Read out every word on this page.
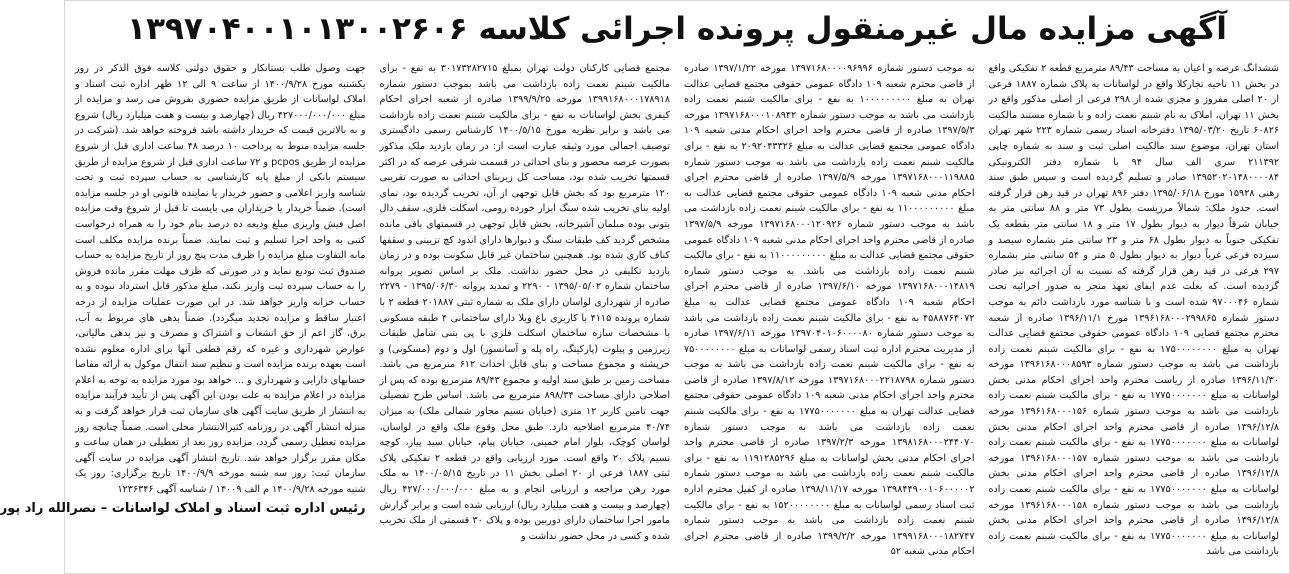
آگهی مزایده مال غیرمنقول پرونده اجرائی کلاسه ۱۳۹۷۰۴۰۰۱۰۱۳۰۰۲۶۰۶

ششدانگ عرصه و اعیان به مساحت ۸۹/۴۳ مترمربع قطعه ۲ تفکیکی واقع در بخش ۱۱ ناحیه تجارکلا واقع در لواسانات به پلاک شماره ۱۸۸۷ فرعی از ۲۰ اصلی مفروز و مجزی شده از ۲۹۸ فرعی از اصلی مذکور واقع در بخش ۱۱ تهران، املاک به نام شبنم نعمت زاده و با شماره مستند مالکیت ۶۰۸۲۶ تاریخ ۱۳۹۵/۰۳/۲۰ دفترخانه اسناد رسمی شماره ۲۲۳ شهر تهران استان تهران، موضوع سند مالکیت اصلی ثبت و سند به شماره چاپی ۲۱۱۳۹۲ سری الف سال ۹۴ با شماره دفتر الکترونیکی ۱۳۹۵۲۰۲۰۱۴۸۰۰۰۰۸۴ صادر و تسلیم گردیده است و سپس طبق سند رهنی ۱۵۹۲۸ مورخ ۱۳۹۵/۰۶/۱۸ دفتر ۸۹۶ تهران در قید رهن قرار گرفته است. حدود ملک: شمالاً مرزیست بطول ۷۳ متر و ۸۸ سانتی متر به خیابان شرقاً دیوار به دیوار بطول ۱۷ متر و ۱۸ سانتی متر بقطعه یک تفکیکی جنوباً به دیوار بطول ۶۸ متر و ۲۳ سانتی متر بشماره سیصد و سیزده فرعی غرباً دیوار به دیوار بطول ۵ متر و ۵۴ سانتی متر بشماره ۲۹۷ فرعی در قید رهن قرار گرفته که نسبت به آن اجرائیه نیز صادر گردیده است. که بعلت عدم ایفای تعهد منجر به صدور اجرائیه تحت شماره ۹۷۰۰۰۴۶ شده است و با شناسه مورد بازداشت دائم به موجب دستور شماره ۱۳۹۶۱۶۸۰۰۰۲۹۹۸۶۵ مورخ ۱۳۹۶/۱۱/۱ صادره از شعبه محترم مجتمع قضایی ۱۰۹ دادگاه عمومی حقوقی مجتمع قضایی عدالت تهران به مبلغ ۱۷۵۰۰۰۰۰۰۰۰ به نفع - برای مالکیت شبنم نعمت زاده بازداشت می باشد به موجب دستور شماره ۱۳۹۶۱۶۸۰۰۰۸۵۹۳ مورخه ۱۳۹۶/۱۱/۳۰ صادره از ریاست محترم واحد اجرای احکام مدنی بخش لواسانات به مبلغ ۱۷۷۵۰۰۰۰۰۰۰ به نفع - برای مالکیت شبنم نعمت زاده بازداشت می باشد به موجب دستور شماره ۱۳۹۶۱۶۸۰۰۰۱۵۶ مورخه ۱۳۹۶/۱۲/۸ صادره از قاضی محترم واحد اجرای احکام مدنی بخش لواسانات به مبلغ ۱۷۷۵۰۰۰۰۰۰۰ به نفع - برای مالکیت شبنم نعمت زاده بازداشت می باشد به موجب دستور شماره ۱۳۹۶۱۶۸۰۰۰۱۵۷ مورخه ۱۳۹۶/۱۲/۸ صادره از قاضی محترم واحد اجرای احکام مدنی بخش لواسانات به مبلغ ۱۷۷۵۰۰۰۰۰۰۰ به نفع - برای مالکیت شبنم نعمت زاده بازداشت می باشد به موجب دستور شماره ۱۳۹۶۱۶۸۰۰۰۱۵۸ مورخه ۱۳۹۶/۱۲/۸ صادره از قاضی محترم واحد اجرای احکام مدنی بخش لواسانات به مبلغ ۱۷۷۵۰۰۰۰۰۰۰ به نفع - برای مالکیت شبنم نعمت زاده بازداشت می باشد

به موجب دستور شماره ۱۳۹۷۱۶۸۰۰۰۰۹۶۹۹۶ مورخه ۱۳۹۷/۱/۲۲ صادره از قاضی محترم شعبه ۱۰۹ دادگاه عمومی حقوقی مجتمع قضایی عدالت تهران به مبلغ ۱۰۰۰۰۰۰۰۰۰ به نفع - برای مالکیت شبنم نعمت زاده بازداشت می باشد به موجب دستور شماره ۱۳۹۷۱۶۸۰۰۰۱۰۸۹۴۲ مورخه ۱۳۹۷/۵/۳ صادره از قاضی محترم واحد اجرای احکام مدنی شعبه ۱۰۹ دادگاه عمومی مجتمع قضایی عدالت به مبلغ ۲۰۹۲۰۴۳۳۲۶ به نفع - برای مالکیت شبنم نعمت زاده بازداشت می باشد به موجب دستور شماره ۱۳۹۷۱۶۸۰۰۰۱۱۹۸۸۵ مورخه ۱۳۹۷/۵/۹ صادره از قاضی محترم اجرای احکام مدنی شعبه ۱۰۹ دادگاه عمومی حقوقی مجتمع قضایی عدالت به مبلغ ۱۱۰۰۰۰۰۰۰۰۰ به نفع - برای مالکیت شبنم نعمت زاده بازداشت می باشد به موجب دستور شماره ۱۳۹۷۱۶۸۰۰۰۱۲۰۹۲۶ مورخه ۱۳۹۷/۵/۹ صادره از قاضی محترم واحد اجرای احکام مدنی شعبه ۱۰۹ دادگاه عمومی حقوقی مجتمع قضایی عدالت به مبلغ ۱۱۰۰۰۰۰۰۰۰۰ به نفع - برای مالکیت شبنم نعمت زاده بازداشت می باشد. به موجب دستور شماره ۱۳۹۷۱۶۸۰۰۰۱۴۸۱۹ مورخه ۱۳۹۷/۶/۱۰ صادره از قاضی محترم اجرای احکام شعبه ۱۰۹ دادگاه عمومی مجتمع قضایی عدالت به مبلغ ۴۵۸۸۷۶۴۰۷۲ به نفع - برای مالکیت شبنم نعمت زاده بازداشت می باشد به موجب دستور شماره ۱۳۹۷۰۴۰۱۰۶۰۰۰۰۸۰ مورخه ۱۳۹۷/۶/۱۱ صادره از مدیریت محترم اداره ثبت اسناد رسمی لواسانات به مبلغ ۷۵۰۰۰۰۰۰۰۰ به نفع - برای مالکیت شبنم نعمت زاده بازداشت می باشد به موجب دستور شماره ۱۳۹۷۱۶۸۰۰۰۲۲۱۸۷۹۸ مورخه ۱۳۹۷/۸/۱۲ صادره از قاضی محترم واحد اجرای احکام مدنی شعبه ۱۰۹ دادگاه عمومی حقوقی مجتمع قضایی عدالت تهران به مبلغ ۱۷۷۵۰۰۰۰۰۰۰ به نفع - برای مالکیت شبنم نعمت زاده بازداشت می باشد به موجب دستور شماره ۱۳۹۸۱۶۸۰۰۰۲۴۴۰۷۰ مورخه ۱۳۹۷/۲/۳ صادره از قاضی محترم واحد اجرای احکام مدنی بخش لواسانات به مبلغ ۱۱۹۱۲۸۵۲۹۶ به نفع - برای مالکیت شبنم نعمت زاده بازداشت می باشد به موجب دستور شماره ۱۳۹۸۴۴۹۰۰۱۰۶۰۰۰۰۰۲ مورخه ۱۳۹۸/۱۱/۱۷ صادره از کفیل محترم اداره ثبت اسناد رسمی لواسانات به مبلغ ۱۵۲۰۰۰۰۰۰۰۰ به نفع - برای مالکیت شبنم نعمت زاده بازداشت می باشد به موجب دستور شماره ۱۳۹۹۱۶۸۰۰۰۱۸۲۷۴۷ مورخه ۱۳۹۹/۲/۲ صادره از قاضی محترم اجرای احکام مدنی شعبه ۵۲

مجتمع قضایی کارکنان دولت تهران بمبلغ ۳۰۱۷۳۲۸۲۷۱۵ به نفع - برای مالکیت شبنم نعمت زاده بازداشت می باشد بموجب دستور شماره ۱۳۹۹۱۶۸۰۰۰۱۷۸۹۱۸ مورخه ۱۳۹۹/۹/۲۵ صادره از شعبه اجرای احکام کیفری بخش لواسانات به نفع - برای مالکیت شبنم نعمت زاده بازداشت می باشد و برابر نظریه مورخ ۱۴۰۰/۵/۱۵ کارشناس رسمی دادگستری توصیف اجمالی مورد وثیقه عبارت است از: در زمان بازدید ملک مذکور بصورت عرصه محصور و بنای احداثی در قسمت شرقی عرصه که در اکثر قسمتها تخریب شده بود، مساحت کل زیربنای احداثی به صورت تقریبی ۱۲۰ مترمربع بود که بخش قابل توجهی از آن، تخریب گردیده بود، نمای اولیه بنای تخریب شده سنگ ابزار خورده رومی، اسکلت فلزی، سقف دال بتونی بوده مبلمان آشپزخانه، بخش قابل توجهی در قسمتهای باقی مانده مشخص گردید کف طبقات سنگ و دیوارها دارای اندود کچ تزیینی و سقفها کناف کاری شده بود. همچنین ساختمان غیر قابل سکونت بوده و در زمان بازدید تکلیفی در محل حضور نداشت. ملک بر اساس تصویر پروانه ساختمان شماره ۱۳۹۵/۰۵/۰۲ - ۲۲۹۰ و تمدید پروانه ۱۳۹۵/۰۶/۳۰ - ۲۲۷۹ صادره از شهرداری لواسان دارای ملک به شماره ثبتی ۲۰۱۸۸۷ قطعه ۲ با شماره پرونده ۴۱۱۵ با کاربری باغ ویلا دارای ساختمانی ۴ طبقه مسکونی با مشخصات سازه ساختمان اسکلت فلزی با پی بتنی شامل طبقات زیرزمین و پیلوت (پارکینگ، راه پله و آسانسور) اول و دوم (مسکونی) و خرپشته و مجموع مساحت و بنای قابل احداث ۶۱۲ مترمربع می باشد. مساحت زمین بر طبق سند اولیه و مجموع ۸۹/۴۳ مترمربع بوده که پس از اصلاحی دارای مساحت ۸۹۸/۳۴ مترمربع می باشد. اساس طرح تفضیلی جهت تامین کاربر ۱۲ متری (خیابان نسیم مجاور شمالی ملک) به میزان ۴۰/۷۴ مترمربع اصلاحیه دارد. طبق محل وقوع ملک واقع در لواسان، لواسان کوچک، بلوار امام خمینی، خیابان پیام، خیابان سید پیاز، کوچه نسیم پلاک ۲۰ واقع است. مورد ارزیابی واقع در قطعه ۲ تفکیکی پلاک ثبتی ۱۸۸۷ فرعی از ۲۰ اصلی بخش ۱۱ در تاریخ ۱۴۰۰/۰۵/۱۵ به ملک مورد رهن مراجعه و ارزیابی انجام و به مبلغ ۴۲۷/۰۰۰/۰۰۰/۰۰۰ ریال (چهارصد و بیست و هفت میلیارد ریال) ارزیابی شده است و برابر گزارش مامور اجرا ساختمان دارای دوربین بوده و پلاک ۳۰ قسمتی از ملک تخریب شده و کسی در محل حضور نداشت و

جهت وصول طلب بستانکار و حقوق دولتی کلاسه فوق الذکر در روز یکشنبه مورخ ۱۴۰۰/۹/۲۸ از ساعت ۹ الی ۱۲ ظهر اداره ثبت اسناد و املاک لواسانات از طریق مزایده حضوری بفروش می رسد و مزایده از مبلغ ۴۲۷۰۰۰/۰۰۰/۰۰۰ ریال (چهارصد و بیست و هفت میلیارد ریال) شروع و به بالاترین قیمت که خریدار داشته باشد فروخته خواهد شد. (شرکت در جلسه مزایده منوط به پرداخت ۱۰ درصد ۴۸ ساعت اداری قبل از شروع مزایده از طریق pcpos و ۷۲ ساعت اداری قبل از شروع مزایده از طریق سیستم بانکی از مبلغ پایه کارشناسی به حساب سپرده ثبت و تحت شناسه واریز اعلامی و حضور خریدار یا نماینده قانونی او در جلسه مزایده است). ضمناً خریدار یا خریداران می بایست تا قبل از شروع وقت مزایده اصل فیش واریزی مبلغ ودیعه ده درصد بنام خود را به همراه درخواست کتبی به واحد اجرا تسلیم و ثبت نمایند. ضمناً برنده مزایده مکلف است مابه التفاوت مبلغ مزایده را ظرف مدت پنج روز از تاریخ مزایده به حساب صندوق ثبت تودیع نماید و در صورتی که ظرف مهلت مقرر مانده فروش را به حساب سپرده ثبت واریز نکند، مبلغ مذکور قابل استرداد نبوده و به حساب خزانه واریز خواهد شد. در این صورت عملیات مزایده از درجه اعتبار ساقط و مزایده تجدید میگردد). ضمناً بدهی های مربوط به آب، برق، گاز اعم از حق انشعاب و اشتراک و مصرف و نیز بدهی مالیاتی، عوارض شهرداری و غیره که رقم قطعی آنها برای اداره معلوم نشده است بعهده برنده مزایده است و تنظیم سند انتقال موکول به ارائه مفاصا حسابهای دارایی و شهرداری و ... خواهد بود مورد مزایده به توجه به اعلام مزایده در اعلام مزایده به علت بودن این آگهی پس از تأیید فرآیند مزایده به انتشار از طریق سایت آگهی های سازمان ثبت قرار خواهد گرفت و به منزله انتشار آگهی در روزنامه کثیرالانتشار محلی است. ضمناً چنانچه روز مزایده تعطیل رسمی گردد، مزایده روز بعد از تعطیلی در همان ساعت و مکان مقرر برگزار خواهد شد. تاریخ انتشار آگهی مزایده در سایت آگهی سازمان ثبت: روز سه شنبه مورخه ۱۴۰۰/۹/۹ تاریخ برگزاری: روز یک شنبه مورخه ۱۴۰۰/۹/۲۸ م الف ۱۴۰۰۹ / شناسه آگهی ۱۲۳۶۳۴۶

رئیس اداره ثبت اسناد و املاک لواسانات – نصرالله راد پور
